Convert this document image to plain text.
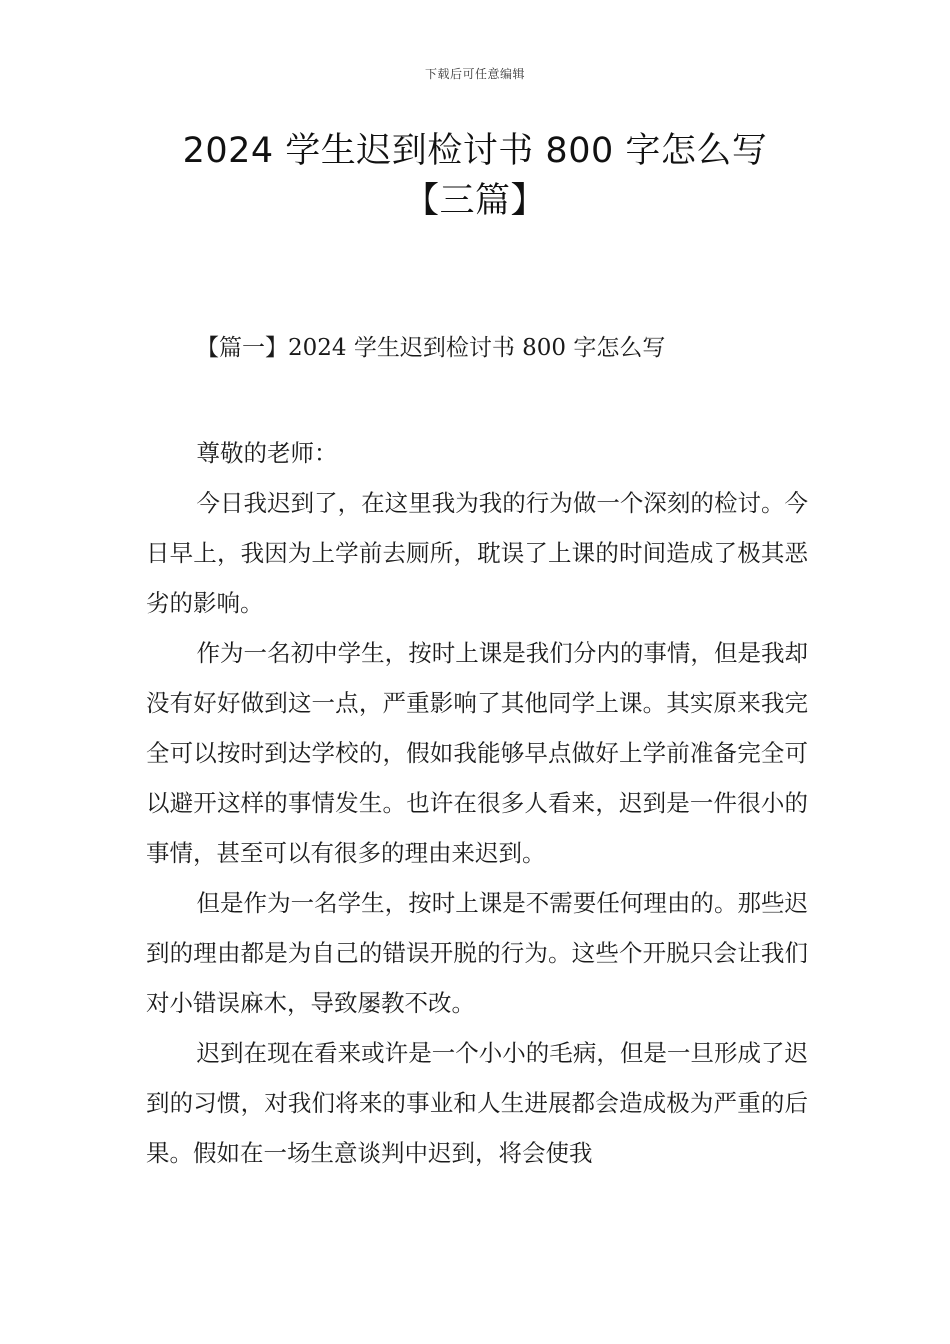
下载后可任意编辑
2024 学生迟到检讨书 800 字怎么写【三篇】
【篇一】2024 学生迟到检讨书 800 字怎么写

尊敬的老师：

今日我迟到了，在这里我为我的行为做一个深刻的检讨。今日早上，我因为上学前去厕所，耽误了上课的时间造成了极其恶劣的影响。

作为一名初中学生，按时上课是我们分内的事情，但是我却没有好好做到这一点，严重影响了其他同学上课。其实原来我完全可以按时到达学校的，假如我能够早点做好上学前准备完全可以避开这样的事情发生。也许在很多人看来，迟到是一件很小的事情，甚至可以有很多的理由来迟到。

但是作为一名学生，按时上课是不需要任何理由的。那些迟到的理由都是为自己的错误开脱的行为。这些个开脱只会让我们对小错误麻木，导致屡教不改。

迟到在现在看来或许是一个小小的毛病，但是一旦形成了迟到的习惯，对我们将来的事业和人生进展都会造成极为严重的后果。假如在一场生意谈判中迟到，将会使我
